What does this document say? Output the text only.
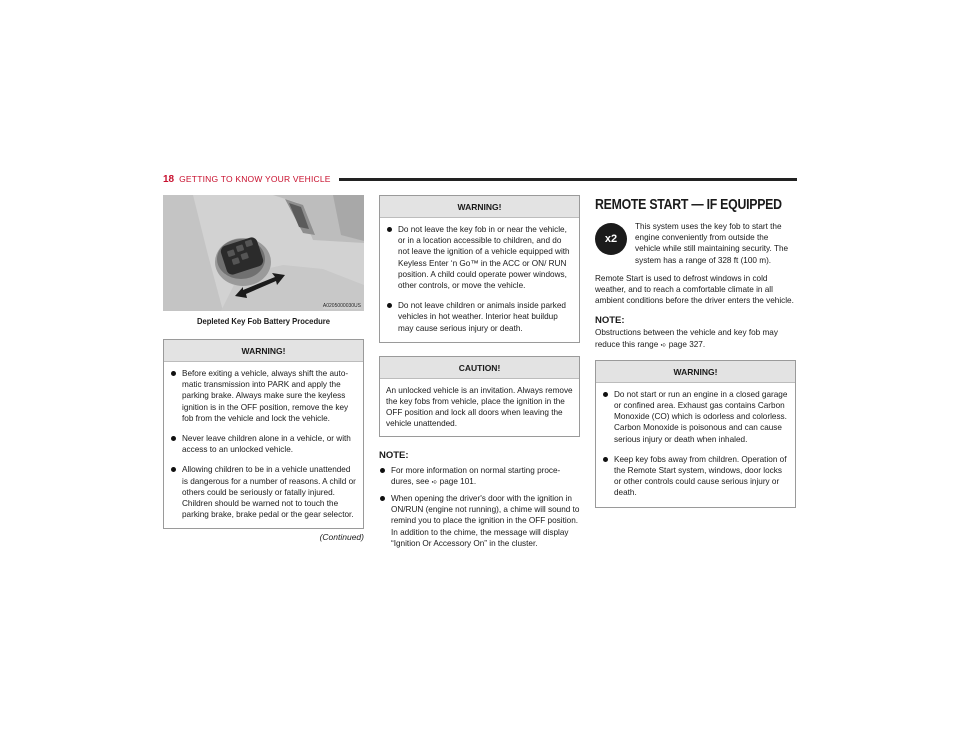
18 GETTING TO KNOW YOUR VEHICLE
A0205000030US
Depleted Key Fob Battery Procedure
WARNING!
Before exiting a vehicle, always shift the auto-matic transmission into PARK and apply the parking brake. Always make sure the keyless ignition is in the OFF position, remove the key fob from the vehicle and lock the vehicle.
Never leave children alone in a vehicle, or with access to an unlocked vehicle.
Allowing children to be in a vehicle unattended is dangerous for a number of reasons. A child or others could be seriously or fatally injured. Children should be warned not to touch the parking brake, brake pedal or the gear selector.
(Continued)
WARNING!
Do not leave the key fob in or near the vehicle, or in a location accessible to children, and do not leave the ignition of a vehicle equipped with Keyless Enter ‘n Go™ in the ACC or ON/ RUN position. A child could operate power windows, other controls, or move the vehicle.
Do not leave children or animals inside parked vehicles in hot weather. Interior heat buildup may cause serious injury or death.
CAUTION!

An unlocked vehicle is an invitation. Always remove the key fobs from vehicle, place the ignition in the OFF position and lock all doors when leaving the vehicle unattended.

NOTE:
For more information on normal starting proce-dures, see ➪ page 101.
When opening the driver's door with the ignition in ON/RUN (engine not running), a chime will sound to remind you to place the ignition in the OFF position. In addition to the chime, the message will display “Ignition Or Accessory On” in the cluster.
REMOTE START — IF EQUIPPED
x2

This system uses the key fob to start the engine conveniently from outside the vehicle while still maintaining security. The system has a range of 328 ft (100 m).

Remote Start is used to defrost windows in cold weather, and to reach a comfortable climate in all ambient conditions before the driver enters the vehicle.

NOTE:

Obstructions between the vehicle and key fob may reduce this range ➪ page 327.

WARNING!
Do not start or run an engine in a closed garage or confined area. Exhaust gas contains Carbon Monoxide (CO) which is odorless and colorless. Carbon Monoxide is poisonous and can cause serious injury or death when inhaled.
Keep key fobs away from children. Operation of the Remote Start system, windows, door locks or other controls could cause serious injury or death.
